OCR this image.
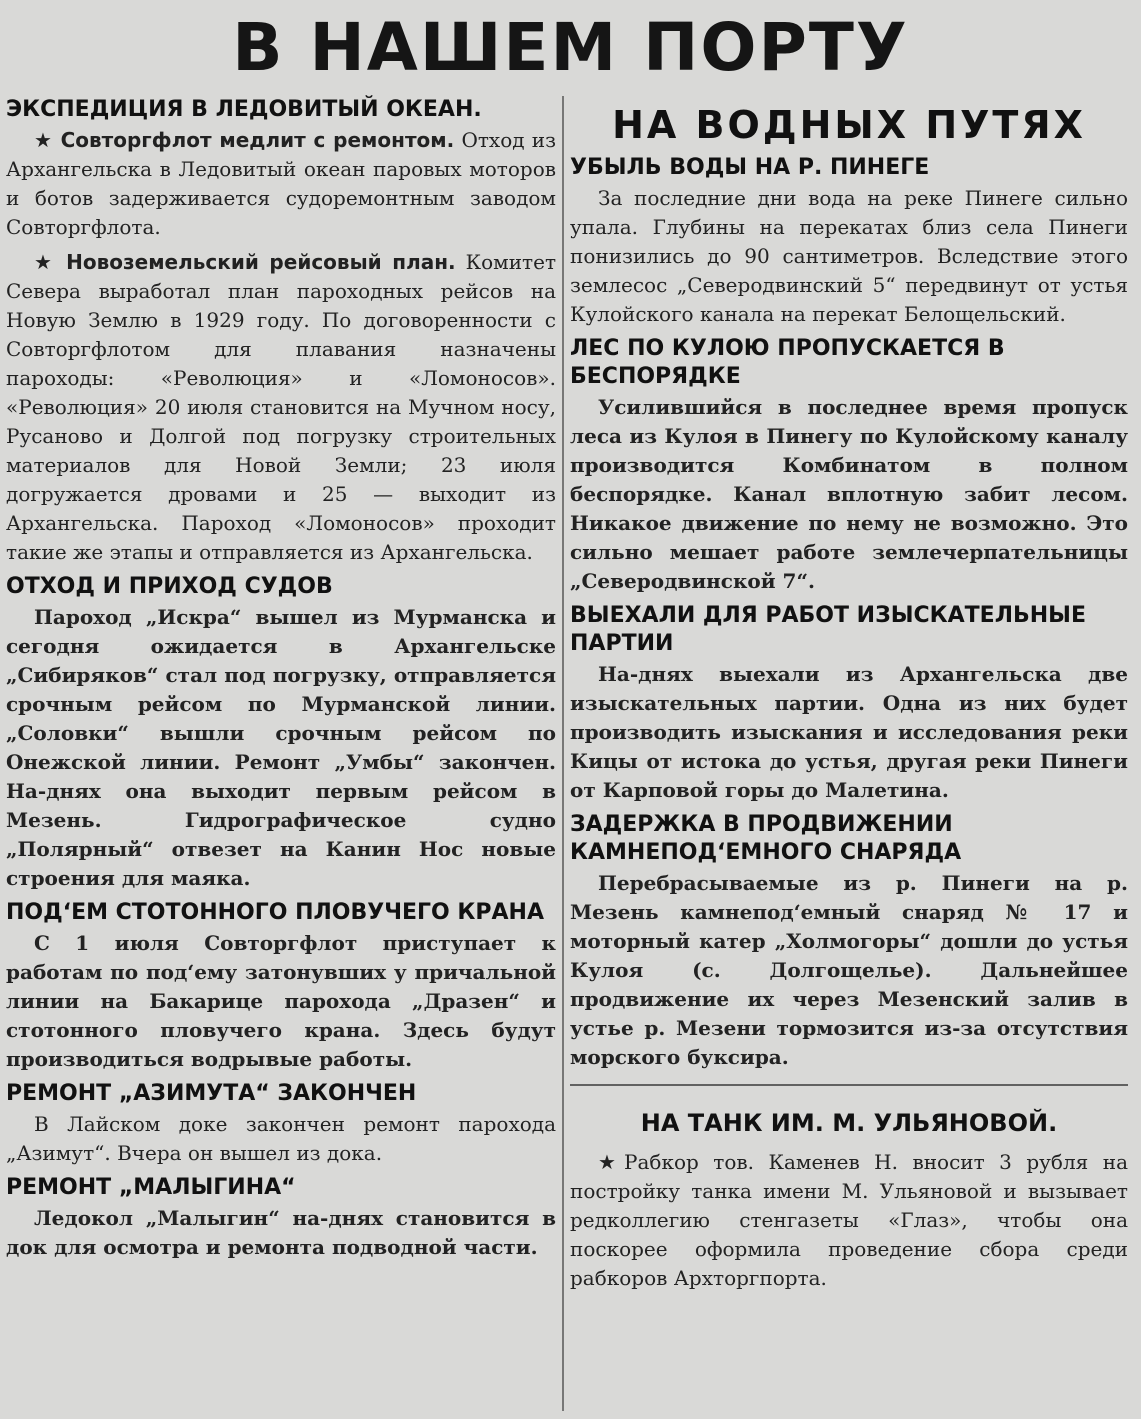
В НАШЕМ ПОРТУ
ЭКСПЕДИЦИЯ В ЛЕДОВИТЫЙ ОКЕАН.

★ Совторгфлот медлит с ремонтом. Отход из Архангельска в Ледовитый океан паровых моторов и ботов задерживается судоремонтным заводом Совторгфлота.

★ Новоземельский рейсовый план. Комитет Севера выработал план пароходных рейсов на Новую Землю в 1929 году. По договоренности с Совторгфлотом для плавания назначены пароходы: «Революция» и «Ломоносов». «Революция» 20 июля становится на Мучном носу, Русаново и Долгой под погрузку строительных материалов для Новой Земли; 23 июля догружается дровами и 25 — выходит из Архангельска. Пароход «Ломоносов» проходит такие же этапы и отправляется из Архангельска.

ОТХОД И ПРИХОД СУДОВ

Пароход „Искра“ вышел из Мурманска и сегодня ожидается в Архангельске „Сибиряков“ стал под погрузку, отправляется срочным рейсом по Мурманской линии. „Соловки“ вышли срочным рейсом по Онежской линии. Ремонт „Умбы“ закончен. На-днях она выходит первым рейсом в Мезень. Гидрографическое судно „Полярный“ отвезет на Канин Нос новые строения для маяка.

ПОД‘ЕМ СТОТОННОГО ПЛОВУЧЕГО КРАНА

С 1 июля Совторгфлот приступает к работам по под‘ему затонувших у причальной линии на Бакарице парохода „Дразен“ и стотонного пловучего крана. Здесь будут производиться водрывые работы.

РЕМОНТ „АЗИМУТА“ ЗАКОНЧЕН

В Лайском доке закончен ремонт парохода „Азимут“. Вчера он вышел из дока.

РЕМОНТ „МАЛЫГИНА“

Ледокол „Малыгин“ на-днях становится в док для осмотра и ремонта подводной части.

НА ВОДНЫХ ПУТЯХ
УБЫЛЬ ВОДЫ НА Р. ПИНЕГЕ

За последние дни вода на реке Пинеге сильно упала. Глубины на перекатах близ села Пинеги понизились до 90 сантиметров. Вследствие этого землесос „Северодвинский 5“ передвинут от устья Кулойского канала на перекат Белощельский.

ЛЕС ПО КУЛОЮ ПРОПУСКАЕТСЯ В БЕСПОРЯДКЕ

Усилившийся в последнее время пропуск леса из Кулоя в Пинегу по Кулойскому каналу производится Комбинатом в полном беспорядке. Канал вплотную забит лесом. Никакое движение по нему не возможно. Это сильно мешает работе землечерпательницы „Северодвинской 7“.

ВЫЕХАЛИ ДЛЯ РАБОТ ИЗЫСКАТЕЛЬНЫЕ ПАРТИИ

На-днях выехали из Архангельска две изыскательных партии. Одна из них будет производить изыскания и исследования реки Кицы от истока до устья, другая реки Пинеги от Карповой горы до Малетина.

ЗАДЕРЖКА В ПРОДВИЖЕНИИ КАМНЕПОД‘ЕМНОГО СНАРЯДА

Перебрасываемые из р. Пинеги на р. Мезень камнепод‘емный снаряд № 17 и моторный катер „Холмогоры“ дошли до устья Кулоя (с. Долгощелье). Дальнейшее продвижение их через Мезенский залив в устье р. Мезени тормозится из-за отсутствия морского буксира.

НА ТАНК ИМ. М. УЛЬЯНОВОЙ.

★Рабкор тов. Каменев Н. вносит 3 рубля на постройку танка имени М. Ульяновой и вызывает редколлегию стенгазеты «Глаз», чтобы она поскорее оформила проведение сбора среди рабкоров Архторгпорта.
